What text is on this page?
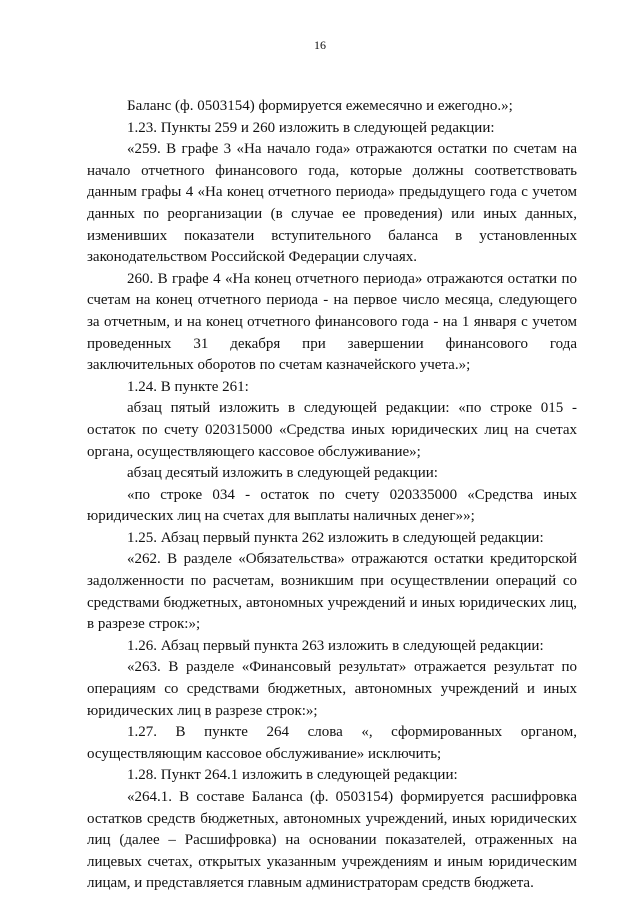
16

Баланс (ф. 0503154) формируется ежемесячно и ежегодно.»;

1.23. Пункты 259 и 260 изложить в следующей редакции:

«259. В графе 3 «На начало года» отражаются остатки по счетам на начало отчетного финансового года, которые должны соответствовать данным графы 4 «На конец отчетного периода» предыдущего года с учетом данных по реорганизации (в случае ее проведения) или иных данных, изменивших показатели вступительного баланса в установленных законодательством Российской Федерации случаях.

260. В графе 4 «На конец отчетного периода» отражаются остатки по счетам на конец отчетного периода - на первое число месяца, следующего за отчетным, и на конец отчетного финансового года - на 1 января с учетом проведенных 31 декабря при завершении финансового года заключительных оборотов по счетам казначейского учета.»;

1.24. В пункте 261:

абзац пятый изложить в следующей редакции: «по строке 015 - остаток по счету 020315000 «Средства иных юридических лиц на счетах органа, осуществляющего кассовое обслуживание»;

абзац десятый изложить в следующей редакции:

«по строке 034 - остаток по счету 020335000 «Средства иных юридических лиц на счетах для выплаты наличных денег»»;

1.25. Абзац первый пункта 262 изложить в следующей редакции:

«262. В разделе «Обязательства» отражаются остатки кредиторской задолженности по расчетам, возникшим при осуществлении операций со средствами бюджетных, автономных учреждений и иных юридических лиц, в разрезе строк:»;

1.26. Абзац первый пункта 263 изложить в следующей редакции:

«263. В разделе «Финансовый результат» отражается результат по операциям со средствами бюджетных, автономных учреждений и иных юридических лиц в разрезе строк:»;

1.27. В пункте 264 слова «, сформированных органом, осуществляющим кассовое обслуживание» исключить;

1.28. Пункт 264.1 изложить в следующей редакции:

«264.1. В составе Баланса (ф. 0503154) формируется расшифровка остатков средств бюджетных, автономных учреждений, иных юридических лиц (далее – Расшифровка) на основании показателей, отраженных на лицевых счетах, открытых указанным учреждениям и иным юридическим лицам, и представляется главным администраторам средств бюджета.
